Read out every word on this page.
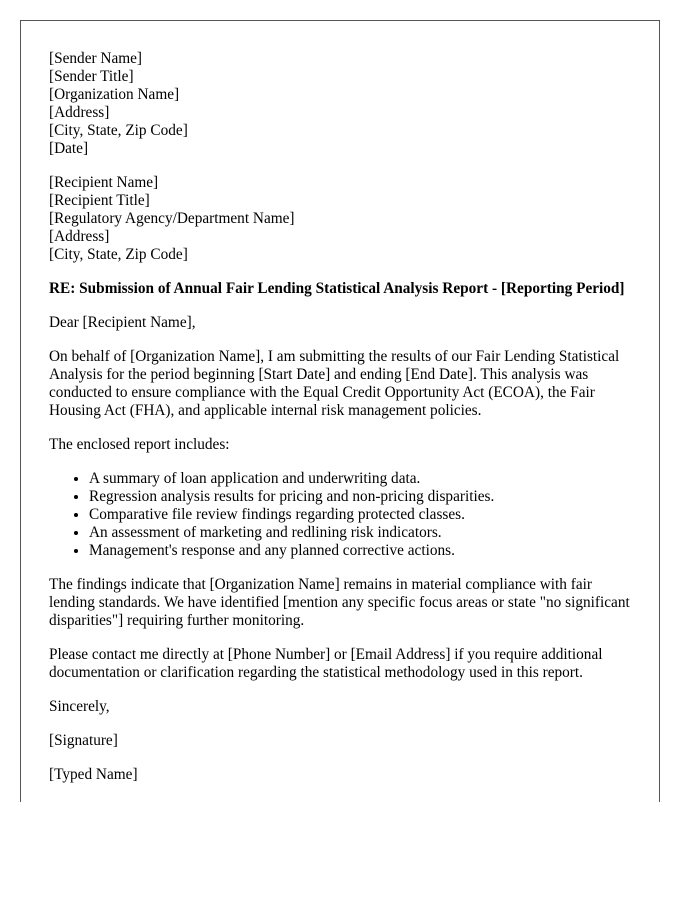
[Sender Name]
[Sender Title]
[Organization Name]
[Address]
[City, State, Zip Code]
[Date]
[Recipient Name]
[Recipient Title]
[Regulatory Agency/Department Name]
[Address]
[City, State, Zip Code]
RE: Submission of Annual Fair Lending Statistical Analysis Report - [Reporting Period]

Dear [Recipient Name],

On behalf of [Organization Name], I am submitting the results of our Fair Lending Statistical Analysis for the period beginning [Start Date] and ending [End Date]. This analysis was conducted to ensure compliance with the Equal Credit Opportunity Act (ECOA), the Fair Housing Act (FHA), and applicable internal risk management policies.

The enclosed report includes:

• A summary of loan application and underwriting data.
• Regression analysis results for pricing and non-pricing disparities.
• Comparative file review findings regarding protected classes.
• An assessment of marketing and redlining risk indicators.
• Management's response and any planned corrective actions.

The findings indicate that [Organization Name] remains in material compliance with fair lending standards. We have identified [mention any specific focus areas or state "no significant disparities"] requiring further monitoring.

Please contact me directly at [Phone Number] or [Email Address] if you require additional documentation or clarification regarding the statistical methodology used in this report.

Sincerely,

[Signature]

[Typed Name]
